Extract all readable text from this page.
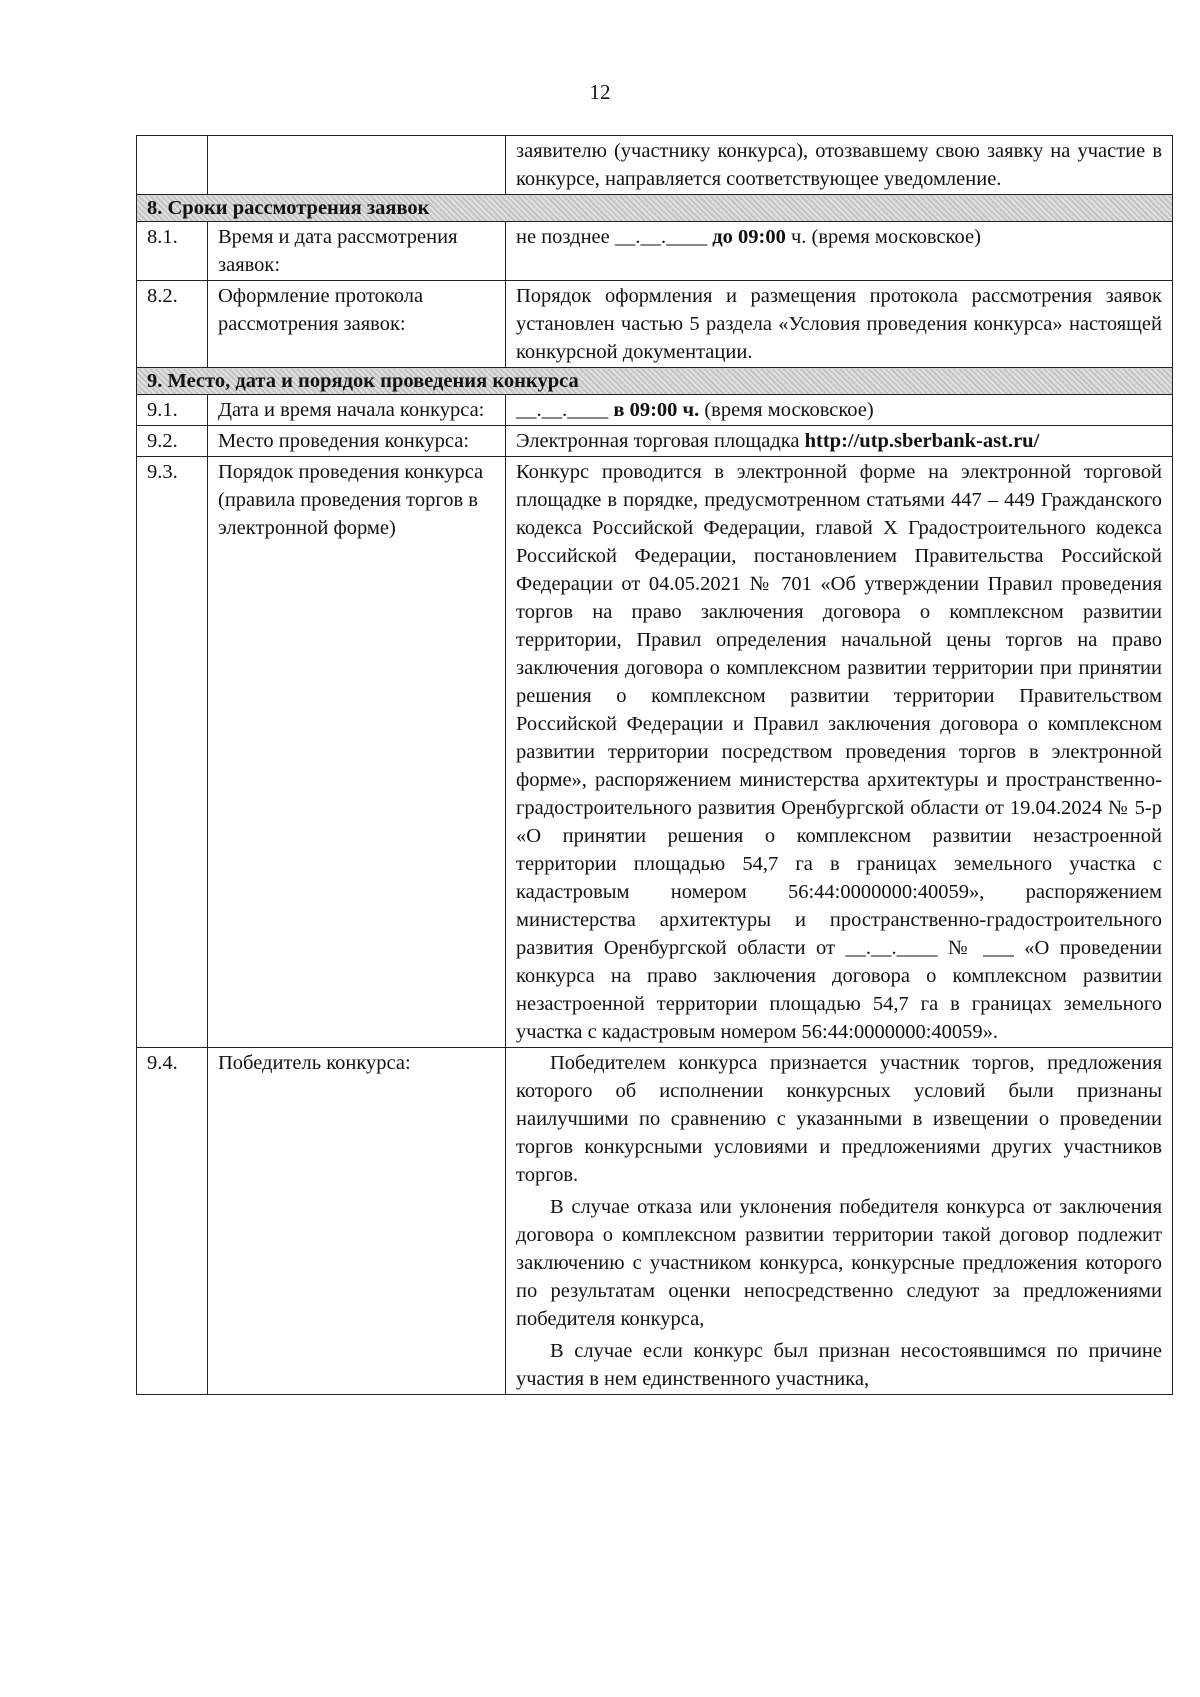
12
		заявителю (участнику конкурса), отозвавшему свою заявку на участие в конкурсе, направляется соответствующее уведомление.
8. Сроки рассмотрения заявок		
8.1.	Время и дата рассмотрения заявок:	не позднее __.__.____ до 09:00 ч. (время московское)
8.2.	Оформление протокола рассмотрения заявок:	Порядок оформления и размещения протокола рассмотрения заявок установлен частью 5 раздела «Условия проведения конкурса» настоящей конкурсной документации.
9. Место, дата и порядок проведения конкурса		
9.1.	Дата и время начала конкурса:	__.__.____ в 09:00 ч. (время московское)
9.2.	Место проведения конкурса:	Электронная торговая площадка http://utp.sberbank-ast.ru/
9.3.	Порядок проведения конкурса (правила проведения торгов в электронной форме)	Конкурс проводится в электронной форме на электронной торговой площадке в порядке, предусмотренном статьями 447 – 449 Гражданского кодекса Российской Федерации, главой X Градостроительного кодекса Российской Федерации, постановлением Правительства Российской Федерации от 04.05.2021 № 701 «Об утверждении Правил проведения торгов на право заключения договора о комплексном развитии территории, Правил определения начальной цены торгов на право заключения договора о комплексном развитии территории при принятии решения о комплексном развитии территории Правительством Российской Федерации и Правил заключения договора о комплексном развитии территории посредством проведения торгов в электронной форме», распоряжением министерства архитектуры и пространственно-градостроительного развития Оренбургской области от 19.04.2024 № 5-р «О принятии решения о комплексном развитии незастроенной территории площадью 54,7 га в границах земельного участка с кадастровым номером 56:44:0000000:40059», распоряжением министерства архитектуры и пространственно-градостроительного развития Оренбургской области от __.__.____ № ___ «О проведении конкурса на право заключения договора о комплексном развитии незастроенной территории площадью 54,7 га в границах земельного участка с кадастровым номером 56:44:0000000:40059».
9.4.	Победитель конкурса:	Победителем конкурса признается участник торгов, предложения которого об исполнении конкурсных условий были признаны наилучшими по сравнению с указанными в извещении о проведении торгов конкурсными условиями и предложениями других участников торгов.

В случае отказа или уклонения победителя конкурса от заключения договора о комплексном развитии территории такой договор подлежит заключению с участником конкурса, конкурсные предложения которого по результатам оценки непосредственно следуют за предложениями победителя конкурса,

В случае если конкурс был признан несостоявшимся по причине участия в нем единственного участника,
